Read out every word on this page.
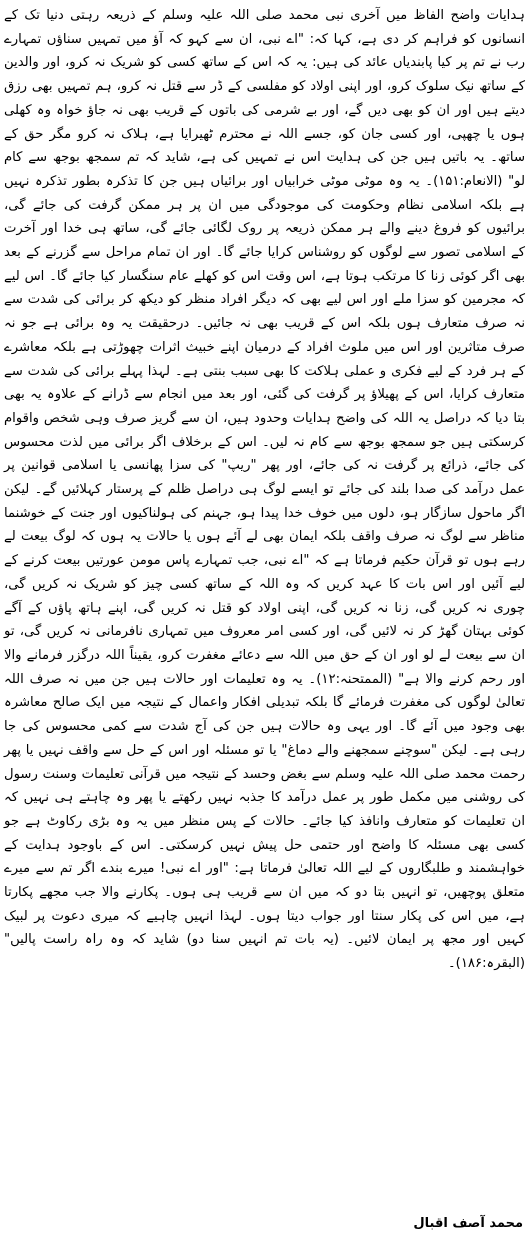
ہدایات واضح الفاظ میں آخری نبی محمد صلی اللہ علیہ وسلم کے ذریعہ رہتی دنیا تک کے انسانوں کو فراہم کر دی ہے، کہا کہ: "اے نبی، ان سے کہو کہ آؤ میں تمہیں سناؤں تمہارے رب نے تم پر کیا پابندیاں عائد کی ہیں: یہ کہ اس کے ساتھ کسی کو شریک نہ کرو، اور والدین کے ساتھ نیک سلوک کرو، اور اپنی اولاد کو مفلسی کے ڈر سے قتل نہ کرو، ہم تمہیں بھی رزق دیتے ہیں اور ان کو بھی دیں گے، اور بے شرمی کی باتوں کے قریب بھی نہ جاؤ خواہ وہ کھلی ہوں یا چھپی، اور کسی جان کو، جسے اللہ نے محترم ٹھیرایا ہے، ہلاک نہ کرو مگر حق کے ساتھ۔ یہ باتیں ہیں جن کی ہدایت اس نے تمہیں کی ہے، شاید کہ تم سمجھ بوجھ سے کام لو" (الانعام:۱۵۱)۔ یہ وہ موٹی موٹی خرابیاں اور برائیاں ہیں جن کا تذکرہ بطور تذکرہ نہیں ہے بلکہ اسلامی نظام وحکومت کی موجودگی میں ان پر ہر ممکن گرفت کی جائے گی، برائیوں کو فروغ دینے والے ہر ممکن ذریعہ پر روک لگائی جائے گی، ساتھ ہی خدا اور آخرت کے اسلامی تصور سے لوگوں کو روشناس کرایا جائے گا۔ اور ان تمام مراحل سے گزرنے کے بعد بھی اگر کوئی زنا کا مرتکب ہوتا ہے، اس وقت اس کو کھلے عام سنگسار کیا جائے گا۔ اس لیے کہ مجرمین کو سزا ملے اور اس لیے بھی کہ دیگر افراد منظر کو دیکھ کر برائی کی شدت سے نہ صرف متعارف ہوں بلکہ اس کے قریب بھی نہ جائیں۔ درحقیقت یہ وہ برائی ہے جو نہ صرف متاثرین اور اس میں ملوث افراد کے درمیان اپنے خبیث اثرات چھوڑتی ہے بلکہ معاشرے کے ہر فرد کے لیے فکری و عملی ہلاکت کا بھی سبب بنتی ہے۔ لہذا پہلے برائی کی شدت سے متعارف کرایا، اس کے پھیلاؤ پر گرفت کی گئی، اور بعد میں انجام سے ڈرانے کے علاوہ یہ بھی بتا دیا کہ دراصل یہ اللہ کی واضح ہدایات وحدود ہیں، ان سے گریز صرف وہی شخص واقوام کرسکتی ہیں جو سمجھ بوجھ سے کام نہ لیں۔ اس کے برخلاف اگر برائی میں لذت محسوس کی جائے، ذرائع پر گرفت نہ کی جائے، اور پھر "ریپ" کی سزا پھانسی یا اسلامی قوانین پر عمل درآمد کی صدا بلند کی جائے تو ایسے لوگ ہی دراصل ظلم کے پرستار کہلائیں گے۔ لیکن اگر ماحول سازگار ہو، دلوں میں خوف خدا پیدا ہو، جہنم کی ہولناکیوں اور جنت کے خوشنما مناظر سے لوگ نہ صرف واقف بلکہ ایمان بھی لے آئے ہوں یا حالات یہ ہوں کہ لوگ بیعت لے رہے ہوں تو قرآن حکیم فرماتا ہے کہ "اے نبی، جب تمہارے پاس مومن عورتیں بیعت کرنے کے لیے آئیں اور اس بات کا عہد کریں کہ وہ اللہ کے ساتھ کسی چیز کو شریک نہ کریں گی، چوری نہ کریں گی، زنا نہ کریں گی، اپنی اولاد کو قتل نہ کریں گی، اپنے ہاتھ پاؤں کے آگے کوئی بہتان گھڑ کر نہ لائیں گی، اور کسی امر معروف میں تمہاری نافرمانی نہ کریں گی، تو ان سے بیعت لے لو اور ان کے حق میں اللہ سے دعائے مغفرت کرو، یقیناً اللہ درگزر فرمانے والا اور رحم کرنے والا ہے" (الممتحنہ:۱۲)۔ یہ وہ تعلیمات اور حالات ہیں جن میں نہ صرف اللہ تعالیٰ لوگوں کی مغفرت فرمائے گا بلکہ تبدیلی افکار واعمال کے نتیجہ میں ایک صالح معاشرہ بھی وجود میں آئے گا۔ اور یہی وہ حالات ہیں جن کی آج شدت سے کمی محسوس کی جا رہی ہے۔ لیکن "سوچنے سمجھنے والے دماغ" یا تو مسئلہ اور اس کے حل سے واقف نہیں یا پھر رحمت محمد صلی اللہ علیہ وسلم سے بغض وحسد کے نتیجہ میں قرآنی تعلیمات وسنت رسول کی روشنی میں مکمل طور پر عمل درآمد کا جذبہ نہیں رکھتے یا پھر وہ چاہتے ہی نہیں کہ ان تعلیمات کو متعارف وانافذ کیا جائے۔ حالات کے پس منظر میں یہ وہ بڑی رکاوٹ ہے جو کسی بھی مسئلہ کا واضح اور حتمی حل پیش نہیں کرسکتی۔ اس کے باوجود ہدایت کے خواہشمند و طلبگاروں کے لیے اللہ تعالیٰ فرماتا ہے: "اور اے نبی! میرے بندے اگر تم سے میرے متعلق پوچھیں، تو انہیں بتا دو کہ میں ان سے قریب ہی ہوں۔ پکارنے والا جب مجھے پکارتا ہے، میں اس کی پکار سنتا اور جواب دیتا ہوں۔ لہذا انہیں چاہیے کہ میری دعوت پر لبیک کہیں اور مجھ پر ایمان لائیں۔ (یہ بات تم انہیں سنا دو) شاید کہ وہ راہ راست پالیں" (البقرہ:۱۸۶)۔

محمد آصف اقبال
